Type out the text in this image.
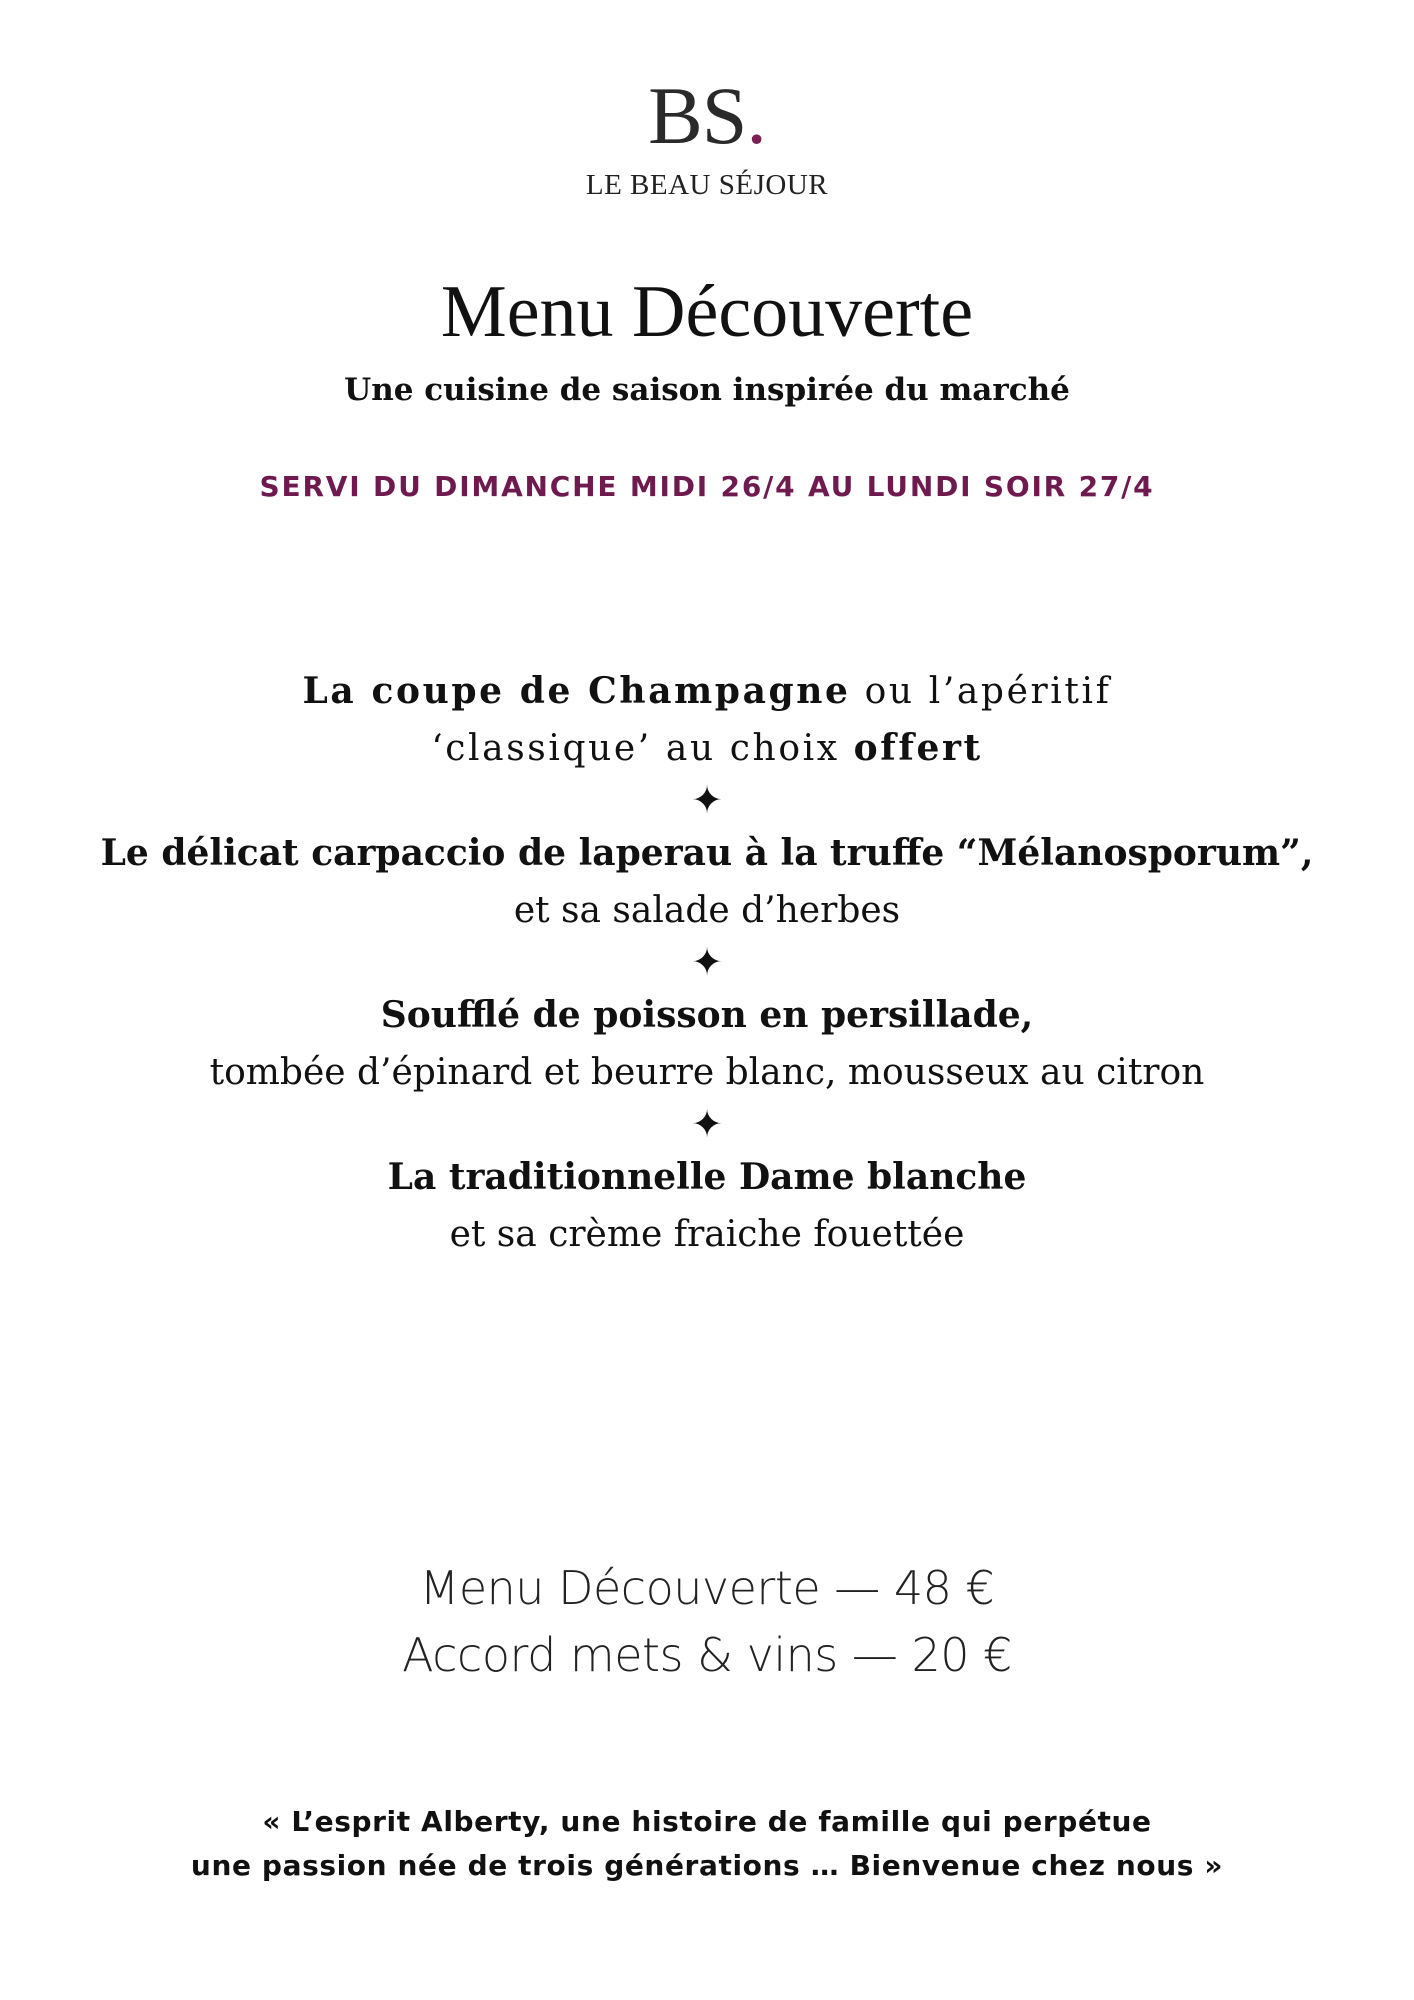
BS.
LE BEAU SÉJOUR
Menu Découverte
Une cuisine de saison inspirée du marché
SERVI DU DIMANCHE MIDI 26/4 AU LUNDI SOIR 27/4
La coupe de Champagne ou l’apéritif
‘classique’ au choix offert
✦
Le délicat carpaccio de laperau à la truffe “Mélanosporum”,
et sa salade d’herbes
✦
Soufflé de poisson en persillade,
tombée d’épinard et beurre blanc, mousseux au citron
✦
La traditionnelle Dame blanche
et sa crème fraiche fouettée
Menu Découverte — 48 €
Accord mets & vins — 20 €
« L’esprit Alberty, une histoire de famille qui perpétue
une passion née de trois générations … Bienvenue chez nous »
